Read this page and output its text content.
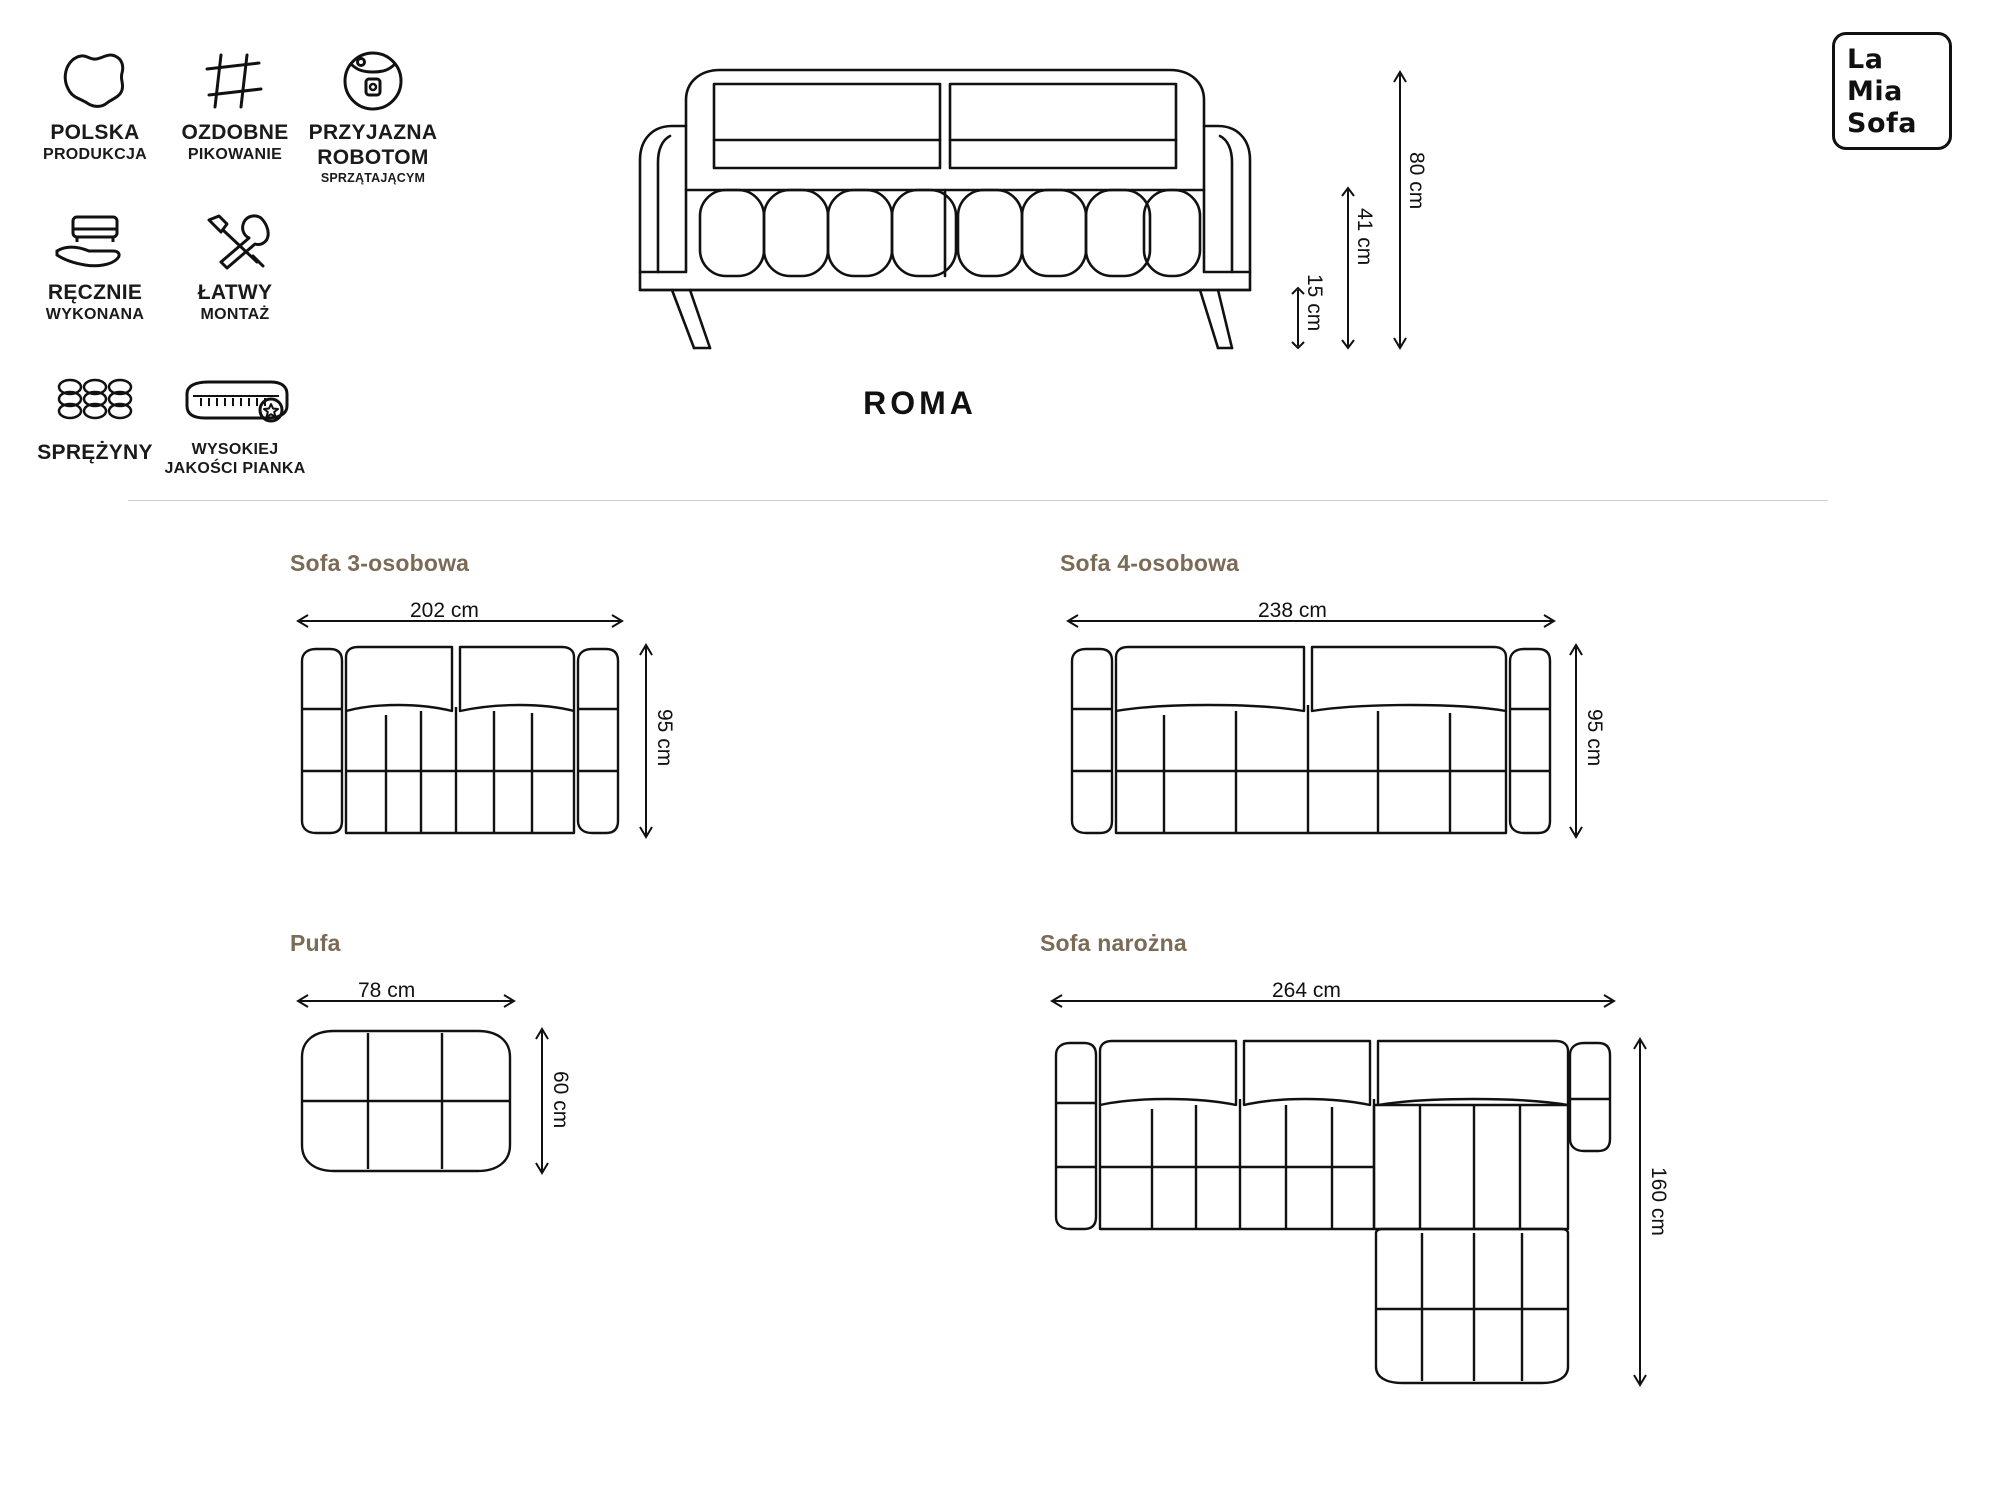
POLSKA
PRODUKCJA
OZDOBNE
PIKOWANIE
PRZYJAZNA
ROBOTOM
SPRZĄTAJĄCYM
RĘCZNIE
WYKONANA
ŁATWY
MONTAŻ
SPRĘŻYNY	WYSOKIEJ
JAKOŚCI PIANKA
La
Mia
Sofa
15 cm
41 cm
80 cm
ROMA
Sofa 3-osobowa
202 cm
95 cm
Sofa 4-osobowa
238 cm
95 cm
Pufa
78 cm
60 cm
Sofa narożna
264 cm
160 cm
